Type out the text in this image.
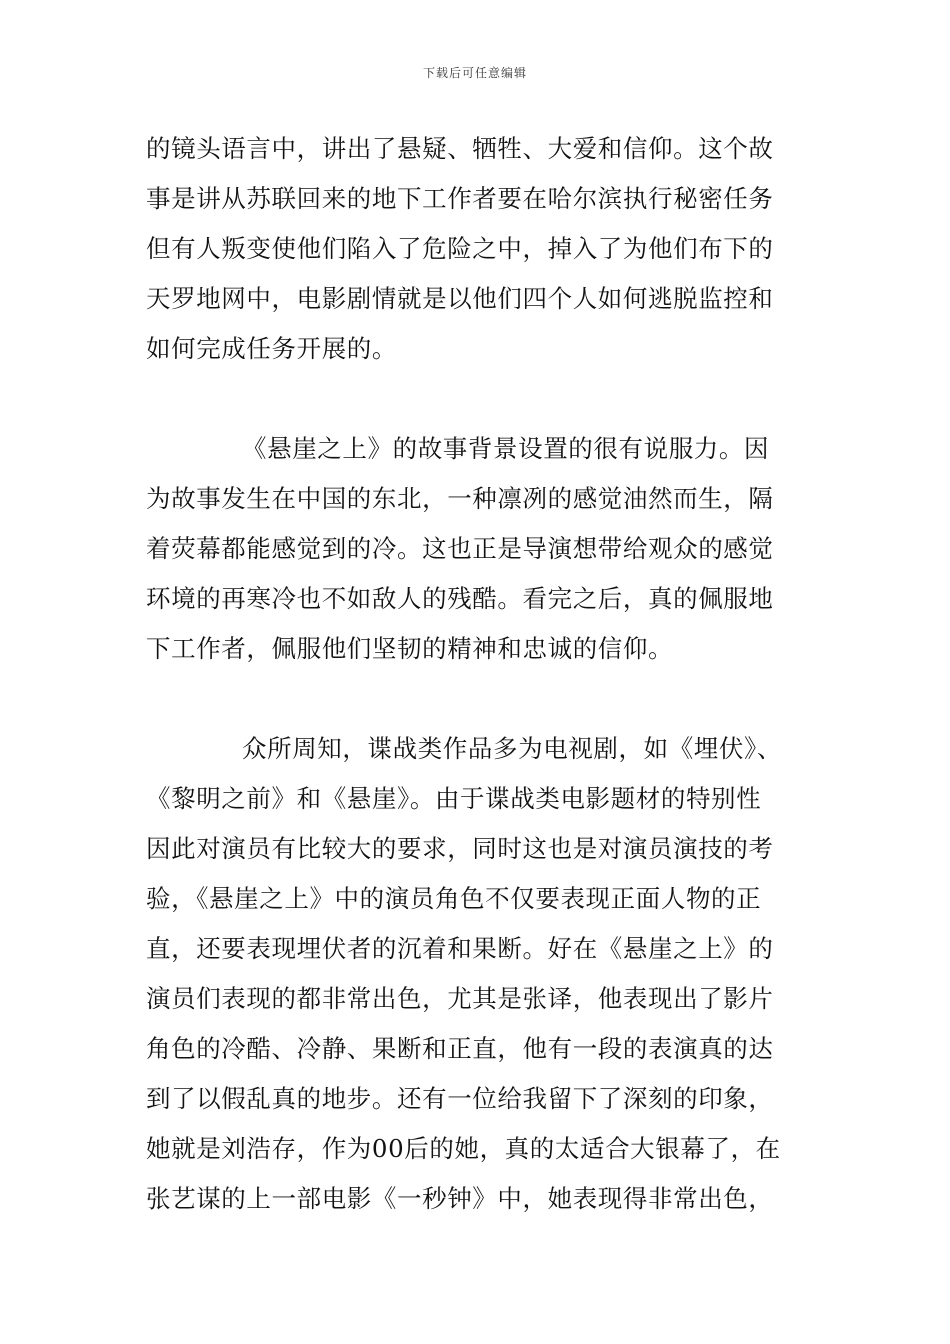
下载后可任意编辑
的镜头语言中，讲出了悬疑、牺牲、大爱和信仰。这个故
事是讲从苏联回来的地下工作者要在哈尔滨执行秘密任务
但有人叛变使他们陷入了危险之中，掉入了为他们布下的
天罗地网中，电影剧情就是以他们四个人如何逃脱监控和
如何完成任务开展的。
《悬崖之上》的故事背景设置的很有说服力。因
为故事发生在中国的东北，一种凛冽的感觉油然而生，隔
着荧幕都能感觉到的冷。这也正是导演想带给观众的感觉
环境的再寒冷也不如敌人的残酷。看完之后，真的佩服地
下工作者，佩服他们坚韧的精神和忠诚的信仰。
众所周知，谍战类作品多为电视剧，如《埋伏》、
《黎明之前》和《悬崖》。由于谍战类电影题材的特别性
因此对演员有比较大的要求，同时这也是对演员演技的考
验，《悬崖之上》中的演员角色不仅要表现正面人物的正
直，还要表现埋伏者的沉着和果断。好在《悬崖之上》的
演员们表现的都非常出色，尤其是张译，他表现出了影片
角色的冷酷、冷静、果断和正直，他有一段的表演真的达
到了以假乱真的地步。还有一位给我留下了深刻的印象，
她就是刘浩存，作为00后的她，真的太适合大银幕了，在
张艺谋的上一部电影《一秒钟》中，她表现得非常出色，
